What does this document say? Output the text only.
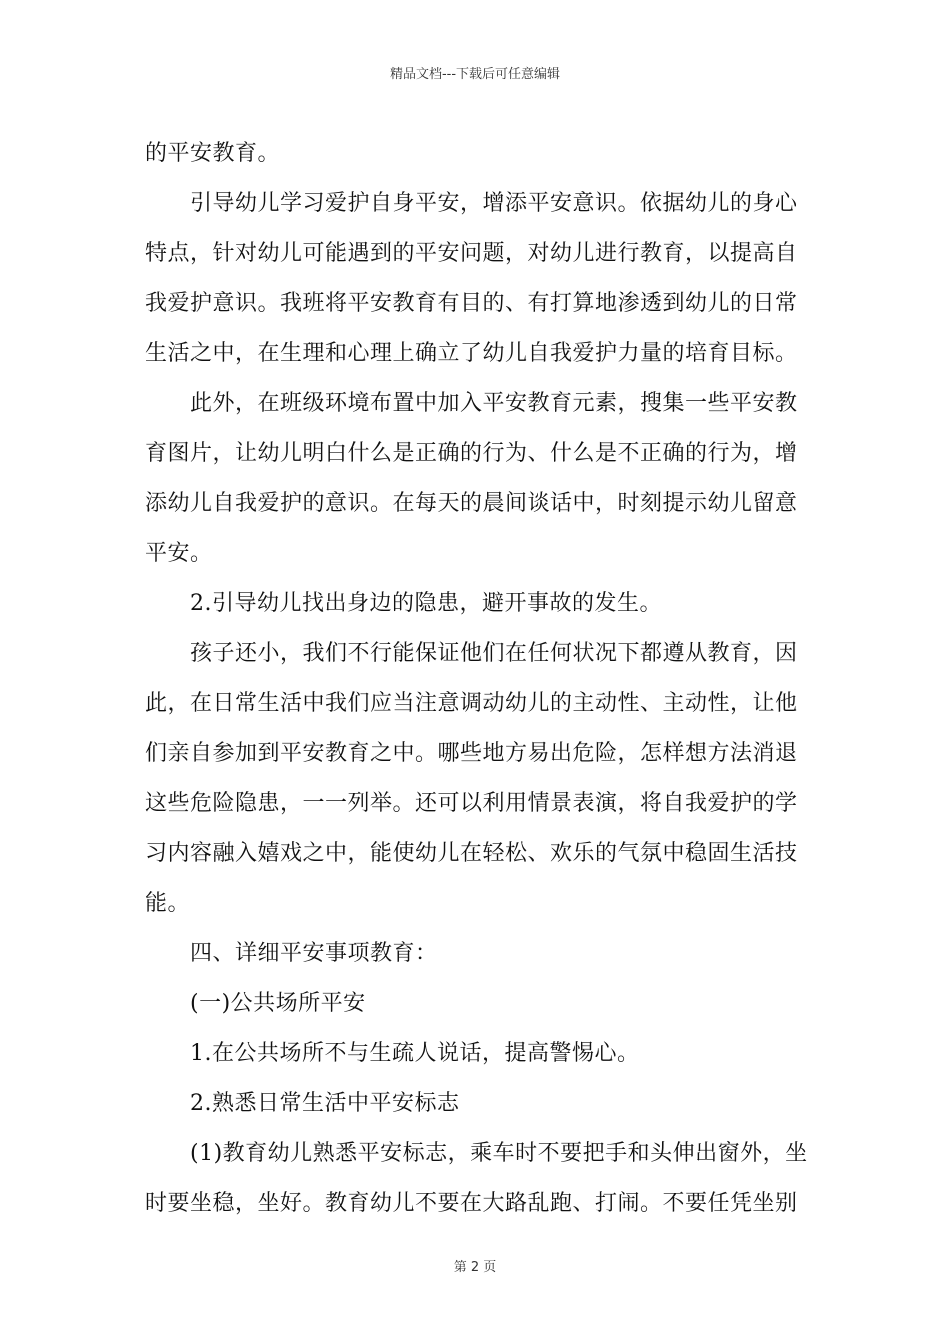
精品文档---下载后可任意编辑
的平安教育。
引导幼儿学习爱护自身平安，增添平安意识。依据幼儿的身心
特点，针对幼儿可能遇到的平安问题，对幼儿进行教育，以提高自
我爱护意识。我班将平安教育有目的、有打算地渗透到幼儿的日常
生活之中，在生理和心理上确立了幼儿自我爱护力量的培育目标。
此外，在班级环境布置中加入平安教育元素，搜集一些平安教
育图片，让幼儿明白什么是正确的行为、什么是不正确的行为，增
添幼儿自我爱护的意识。在每天的晨间谈话中，时刻提示幼儿留意
平安。
2.引导幼儿找出身边的隐患，避开事故的发生。
孩子还小，我们不行能保证他们在任何状况下都遵从教育，因
此，在日常生活中我们应当注意调动幼儿的主动性、主动性，让他
们亲自参加到平安教育之中。哪些地方易出危险，怎样想方法消退
这些危险隐患，一一列举。还可以利用情景表演，将自我爱护的学
习内容融入嬉戏之中，能使幼儿在轻松、欢乐的气氛中稳固生活技
能。
四、详细平安事项教育：
(一)公共场所平安
1.在公共场所不与生疏人说话，提高警惕心。
2.熟悉日常生活中平安标志
(1)教育幼儿熟悉平安标志，乘车时不要把手和头伸出窗外，坐
时要坐稳，坐好。教育幼儿不要在大路乱跑、打闹。不要任凭坐别
第 2 页
